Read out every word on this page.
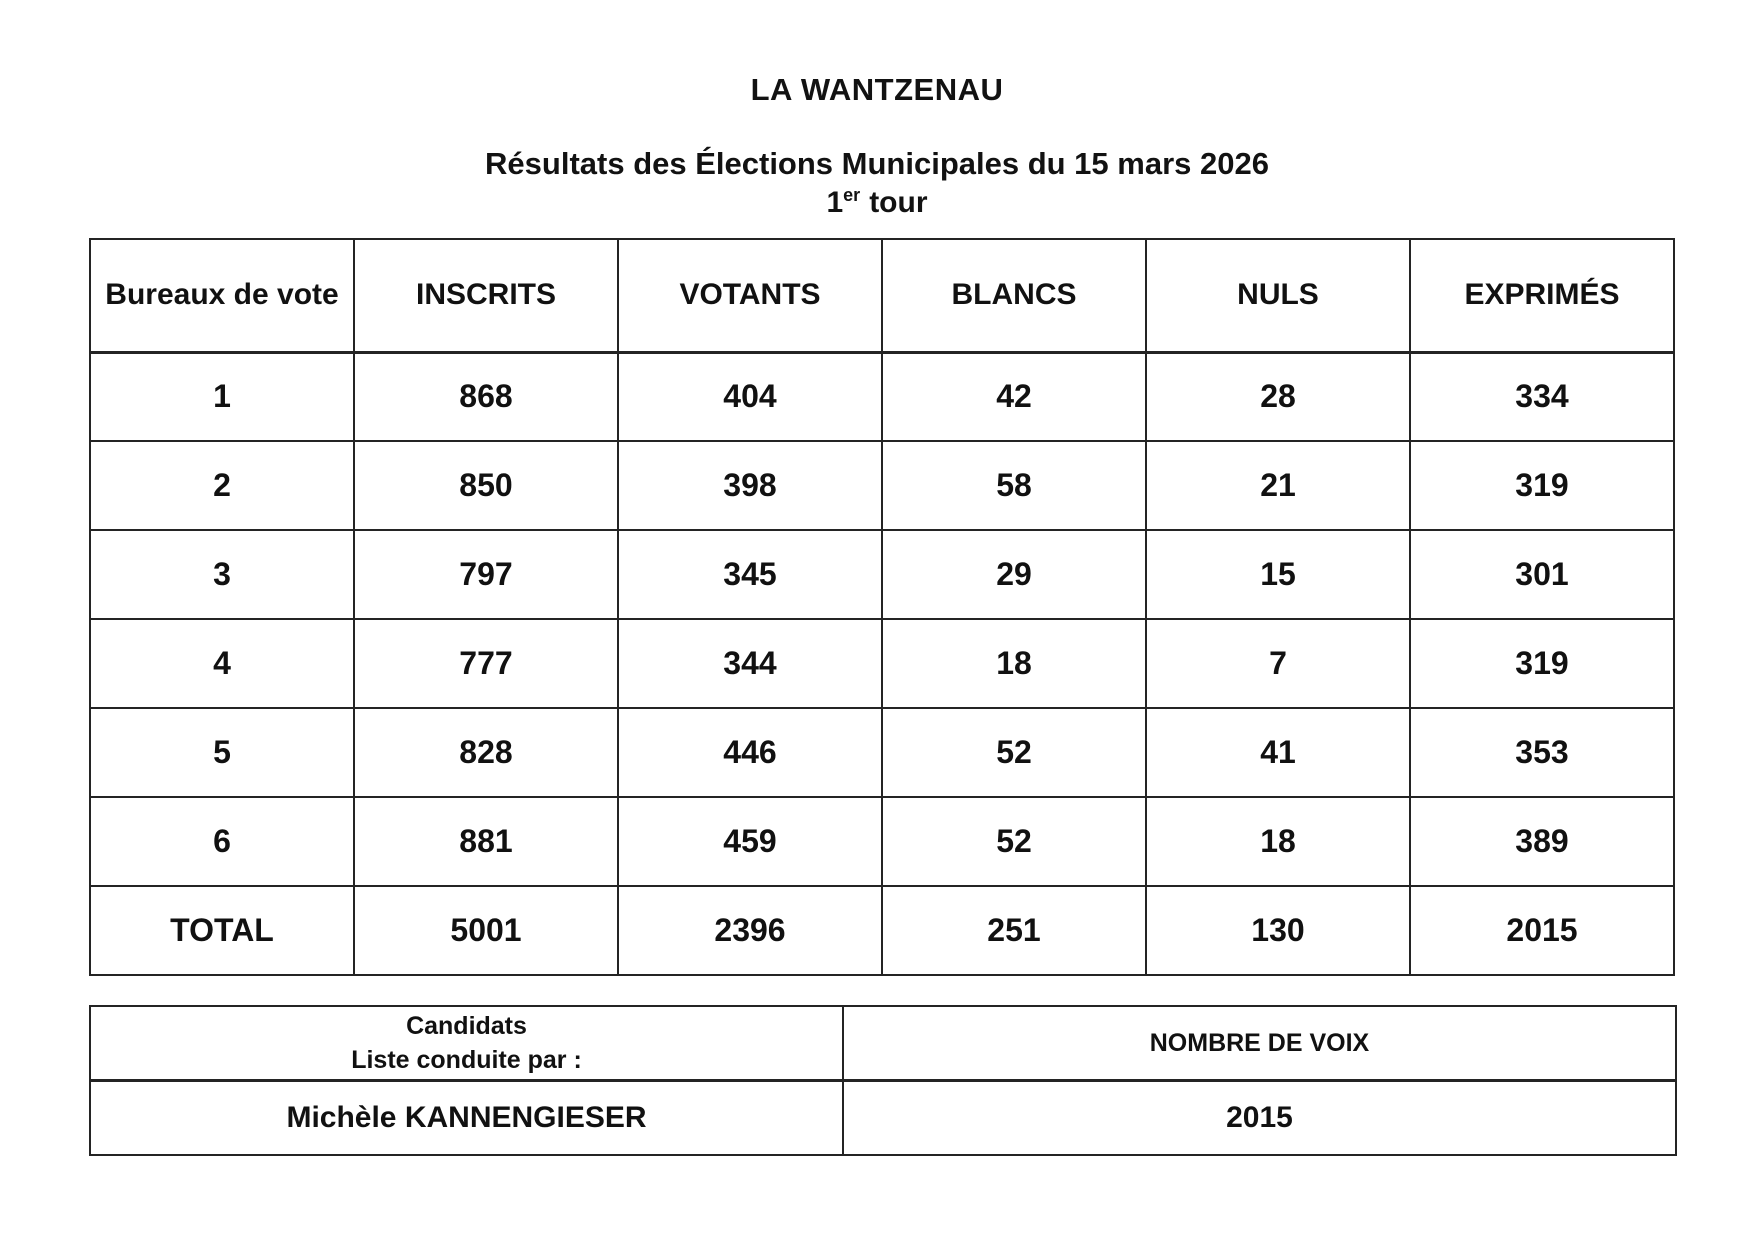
LA WANTZENAU
Résultats des Élections Municipales du 15 mars 2026
1er tour
Bureaux de vote	INSCRITS	VOTANTS	BLANCS	NULS	EXPRIMÉS
1	868	404	42	28	334
2	850	398	58	21	319
3	797	345	29	15	301
4	777	344	18	7	319
5	828	446	52	41	353
6	881	459	52	18	389
TOTAL	5001	2396	251	130	2015
Candidats
Liste conduite par :	NOMBRE DE VOIX
Michèle KANNENGIESER	2015
